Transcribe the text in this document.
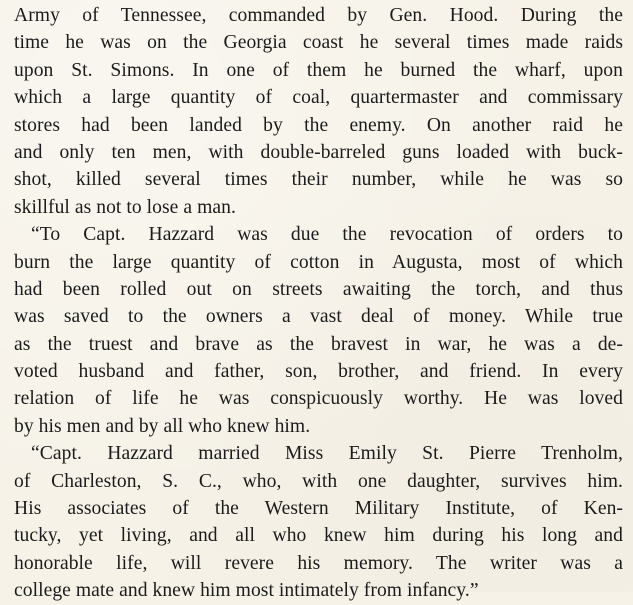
Army of Tennessee, commanded by Gen. Hood. During the
time he was on the Georgia coast he several times made raids
upon St. Simons. In one of them he burned the wharf, upon
which a large quantity of coal, quartermaster and commissary
stores had been landed by the enemy. On another raid he
and only ten men, with double-barreled guns loaded with buck-
shot, killed several times their number, while he was so
skillful as not to lose a man.
“To Capt. Hazzard was due the revocation of orders to
burn the large quantity of cotton in Augusta, most of which
had been rolled out on streets awaiting the torch, and thus
was saved to the owners a vast deal of money. While true
as the truest and brave as the bravest in war, he was a de-
voted husband and father, son, brother, and friend. In every
relation of life he was conspicuously worthy. He was loved
by his men and by all who knew him.
“Capt. Hazzard married Miss Emily St. Pierre Trenholm,
of Charleston, S. C., who, with one daughter, survives him.
His associates of the Western Military Institute, of Ken-
tucky, yet living, and all who knew him during his long and
honorable life, will revere his memory. The writer was a
college mate and knew him most intimately from infancy.”
